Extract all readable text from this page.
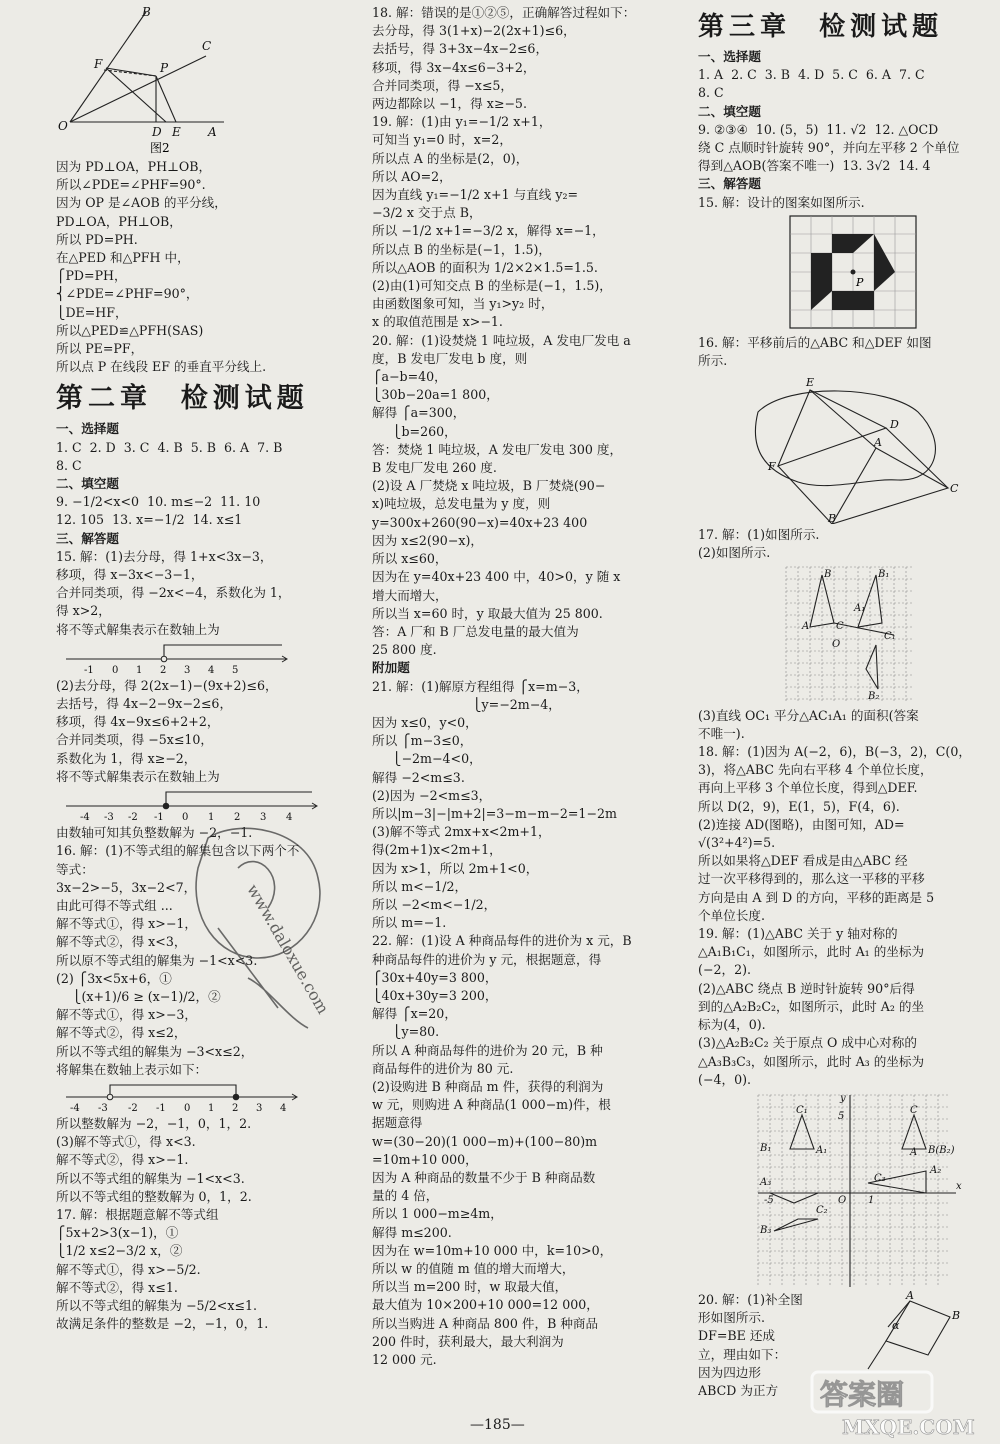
B
F	P
C
O	D E A
图2
因为 PD⊥OA，PH⊥OB，
所以∠PDE=∠PHF=90°.
因为 OP 是∠AOB 的平分线，
PD⊥OA，PH⊥OB，
所以 PD=PH.
在△PED 和△PFH 中，
⎧PD=PH，
⎨∠PDE=∠PHF=90°，
⎩DE=HF，
所以△PED≌△PFH(SAS)
所以 PE=PF，
所以点 P 在线段 EF 的垂直平分线上.
第二章  检测试题
一、选择题
1. C  2. D  3. C  4. B  5. B  6. A  7. B
8. C
二、填空题
9. −1/2<x<0  10. m≤−2  11. 10
12. 105  13. x=−1/2  14. x≤1
三、解答题
15. 解：(1)去分母，得 1+x<3x−3，
移项，得 x−3x<−3−1，
合并同类项，得 −2x<−4，系数化为 1，
得 x>2，
将不等式解集表示在数轴上为
-1 0 1 2 3 4 5
(2)去分母，得 2(2x−1)−(9x+2)≤6，
去括号，得 4x−2−9x−2≤6，
移项，得 4x−9x≤6+2+2，
合并同类项，得 −5x≤10，
系数化为 1，得 x≥−2，
将不等式解集表示在数轴上为
-4 -3 -2 -1 0 1 2 3 4
由数轴可知其负整数解为 −2，−1.
16. 解：(1)不等式组的解集包含以下两个不
等式：
3x−2>−5，3x−2<7，
由此可得不等式组 ...
解不等式①，得 x>−1，
解不等式②，得 x<3，
所以原不等式组的解集为 −1<x<3.
(2) ⎧3x<5x+6，①
⎩(x+1)/6 ≥ (x−1)/2，②
解不等式①，得 x>−3，
解不等式②，得 x≤2，
所以不等式组的解集为 −3<x≤2，
将解集在数轴上表示如下：
-4 -3 -2 -1 0 1 2 3 4
所以整数解为 −2，−1，0，1，2.
(3)解不等式①，得 x<3.
解不等式②，得 x>−1.
所以不等式组的解集为 −1<x<3.
所以不等式组的整数解为 0，1，2.
17. 解：根据题意解不等式组
⎧5x+2>3(x−1)，①
⎩1/2 x≤2−3/2 x，②
解不等式①，得 x>−5/2.
解不等式②，得 x≤1.
所以不等式组的解集为 −5/2<x≤1.
故满足条件的整数是 −2，−1，0，1.
18. 解：错误的是①②⑤，正确解答过程如下：
去分母，得 3(1+x)−2(2x+1)≤6，
去括号，得 3+3x−4x−2≤6，
移项，得 3x−4x≤6−3+2，
合并同类项，得 −x≤5，
两边都除以 −1，得 x≥−5.
19. 解：(1)由 y₁=−1/2 x+1，
可知当 y₁=0 时，x=2，
所以点 A 的坐标是(2，0)，
所以 AO=2，
因为直线 y₁=−1/2 x+1 与直线 y₂=
−3/2 x 交于点 B，
所以 −1/2 x+1=−3/2 x，解得 x=−1，
所以点 B 的坐标是(−1，1.5)，
所以△AOB 的面积为 1/2×2×1.5=1.5.
(2)由(1)可知交点 B 的坐标是(−1，1.5)，
由函数图象可知，当 y₁>y₂ 时，
x 的取值范围是 x>−1.
20. 解：(1)设焚烧 1 吨垃圾，A 发电厂发电 a
度，B 发电厂发电 b 度，则
⎧a−b=40，
⎩30b−20a=1 800，
解得 ⎧a=300，
⎩b=260，
答：焚烧 1 吨垃圾，A 发电厂发电 300 度，
B 发电厂发电 260 度.
(2)设 A 厂焚烧 x 吨垃圾，B 厂焚烧(90−
x)吨垃圾，总发电量为 y 度，则
y=300x+260(90−x)=40x+23 400
因为 x≤2(90−x)，
所以 x≤60，
因为在 y=40x+23 400 中，40>0，y 随 x
增大而增大，
所以当 x=60 时，y 取最大值为 25 800.
答：A 厂和 B 厂总发电量的最大值为
25 800 度.
附加题
21. 解：(1)解原方程组得 ⎧x=m−3，
⎩y=−2m−4，
因为 x≤0，y<0，
所以 ⎧m−3≤0，
⎩−2m−4<0，
解得 −2<m≤3.
(2)因为 −2<m≤3，
所以|m−3|−|m+2|=3−m−m−2=1−2m
(3)解不等式 2mx+x<2m+1，
得(2m+1)x<2m+1，
因为 x>1，所以 2m+1<0，
所以 m<−1/2，
所以 −2<m<−1/2，
所以 m=−1.
22. 解：(1)设 A 种商品每件的进价为 x 元，B
种商品每件的进价为 y 元，根据题意，得
⎧30x+40y=3 800，
⎩40x+30y=3 200，
解得 ⎧x=20，
⎩y=80.
所以 A 种商品每件的进价为 20 元，B 种
商品每件的进价为 80 元.
(2)设购进 B 种商品 m 件，获得的利润为
w 元，则购进 A 种商品(1 000−m)件，根
据题意得
w=(30−20)(1 000−m)+(100−80)m
=10m+10 000，
因为 A 种商品的数量不少于 B 种商品数
量的 4 倍，
所以 1 000−m≥4m，
解得 m≤200.
因为在 w=10m+10 000 中，k=10>0，
所以 w 的值随 m 值的增大而增大，
所以当 m=200 时，w 取最大值，
最大值为 10×200+10 000=12 000，
所以当购进 A 种商品 800 件，B 种商品
200 件时，获利最大，最大利润为
12 000 元.
第三章  检测试题
一、选择题
1. A  2. C  3. B  4. D  5. C  6. A  7. C
8. C
二、填空题
9. ②③④  10. (5，5)  11. √2  12. △OCD
绕 C 点顺时针旋转 90°，并向左平移 2 个单位
得到△AOB(答案不唯一)  13. 3√2  14. 4
三、解答题
15. 解：设计的图案如图所示.
P
16. 解：平移前后的△ABC 和△DEF 如图
所示.
E
D
A
F
C
B
17. 解：(1)如图所示.
(2)如图所示.
B	B₁
A₁
A	C
O
C₁
B₂
(3)直线 OC₁ 平分△AC₁A₁ 的面积(答案
不唯一).
18. 解：(1)因为 A(−2，6)，B(−3，2)，C(0，
3)，将△ABC 先向右平移 4 个单位长度，
再向上平移 3 个单位长度，得到△DEF.
所以 D(2，9)，E(1，5)，F(4，6).
(2)连接 AD(图略)，由图可知，AD=
√(3²+4²)=5.
所以如果将△DEF 看成是由△ABC 经
过一次平移得到的，那么这一平移的平移
方向是由 A 到 D 的方向，平移的距离是 5
个单位长度.
19. 解：(1)△ABC 关于 y 轴对称的
△A₁B₁C₁，如图所示，此时 A₁ 的坐标为
(−2，2).
(2)△ABC 绕点 B 逆时针旋转 90°后得
到的△A₂B₂C₂，如图所示，此时 A₂ 的坐
标为(4，0).
(3)△A₂B₂C₂ 关于原点 O 成中心对称的
△A₃B₃C₃，如图所示，此时 A₃ 的坐标为
(−4，0).
y
x
O 1
5
-5
C₁	C
B₁	A₁	A B(B₂)
C₂
A₃
A₂
B₃
C₃
20. 解：(1)补全图
形如图所示.
DF=BE 还成
立，理由如下：
因为四边形
ABCD 为正方
A
B
α
www.daloxue.com
答案圈
MXQE.COM
—185—
